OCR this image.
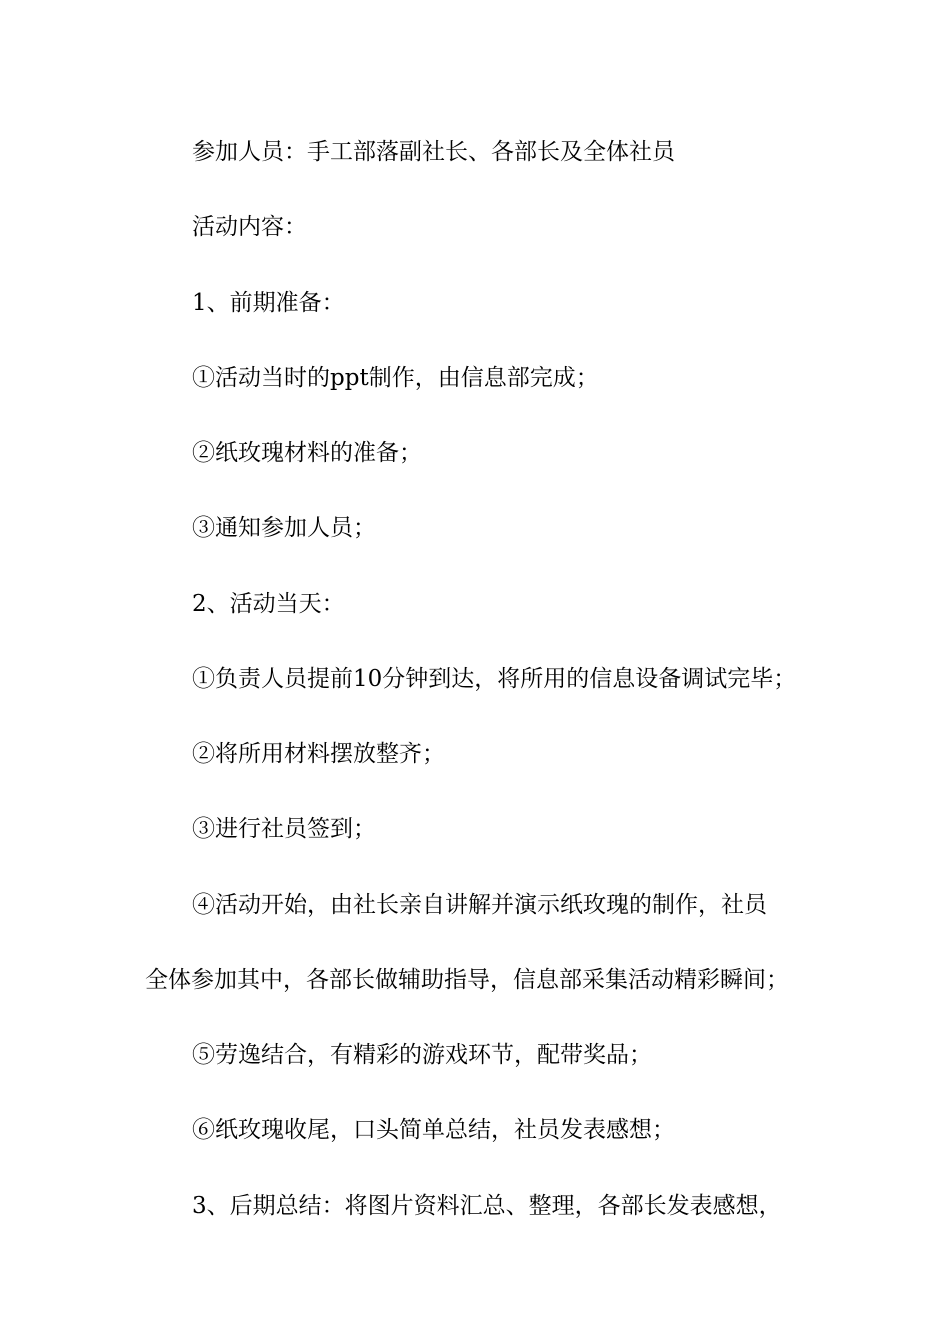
参加人员：手工部落副社长、各部长及全体社员
活动内容：
1、前期准备：
①活动当时的ppt制作，由信息部完成；
②纸玫瑰材料的准备；
③通知参加人员；
2、活动当天：
①负责人员提前10分钟到达，将所用的信息设备调试完毕；
②将所用材料摆放整齐；
③进行社员签到；
④活动开始，由社长亲自讲解并演示纸玫瑰的制作，社员
全体参加其中，各部长做辅助指导，信息部采集活动精彩瞬间；
⑤劳逸结合，有精彩的游戏环节，配带奖品；
⑥纸玫瑰收尾，口头简单总结，社员发表感想；
3、后期总结：将图片资料汇总、整理，各部长发表感想，
